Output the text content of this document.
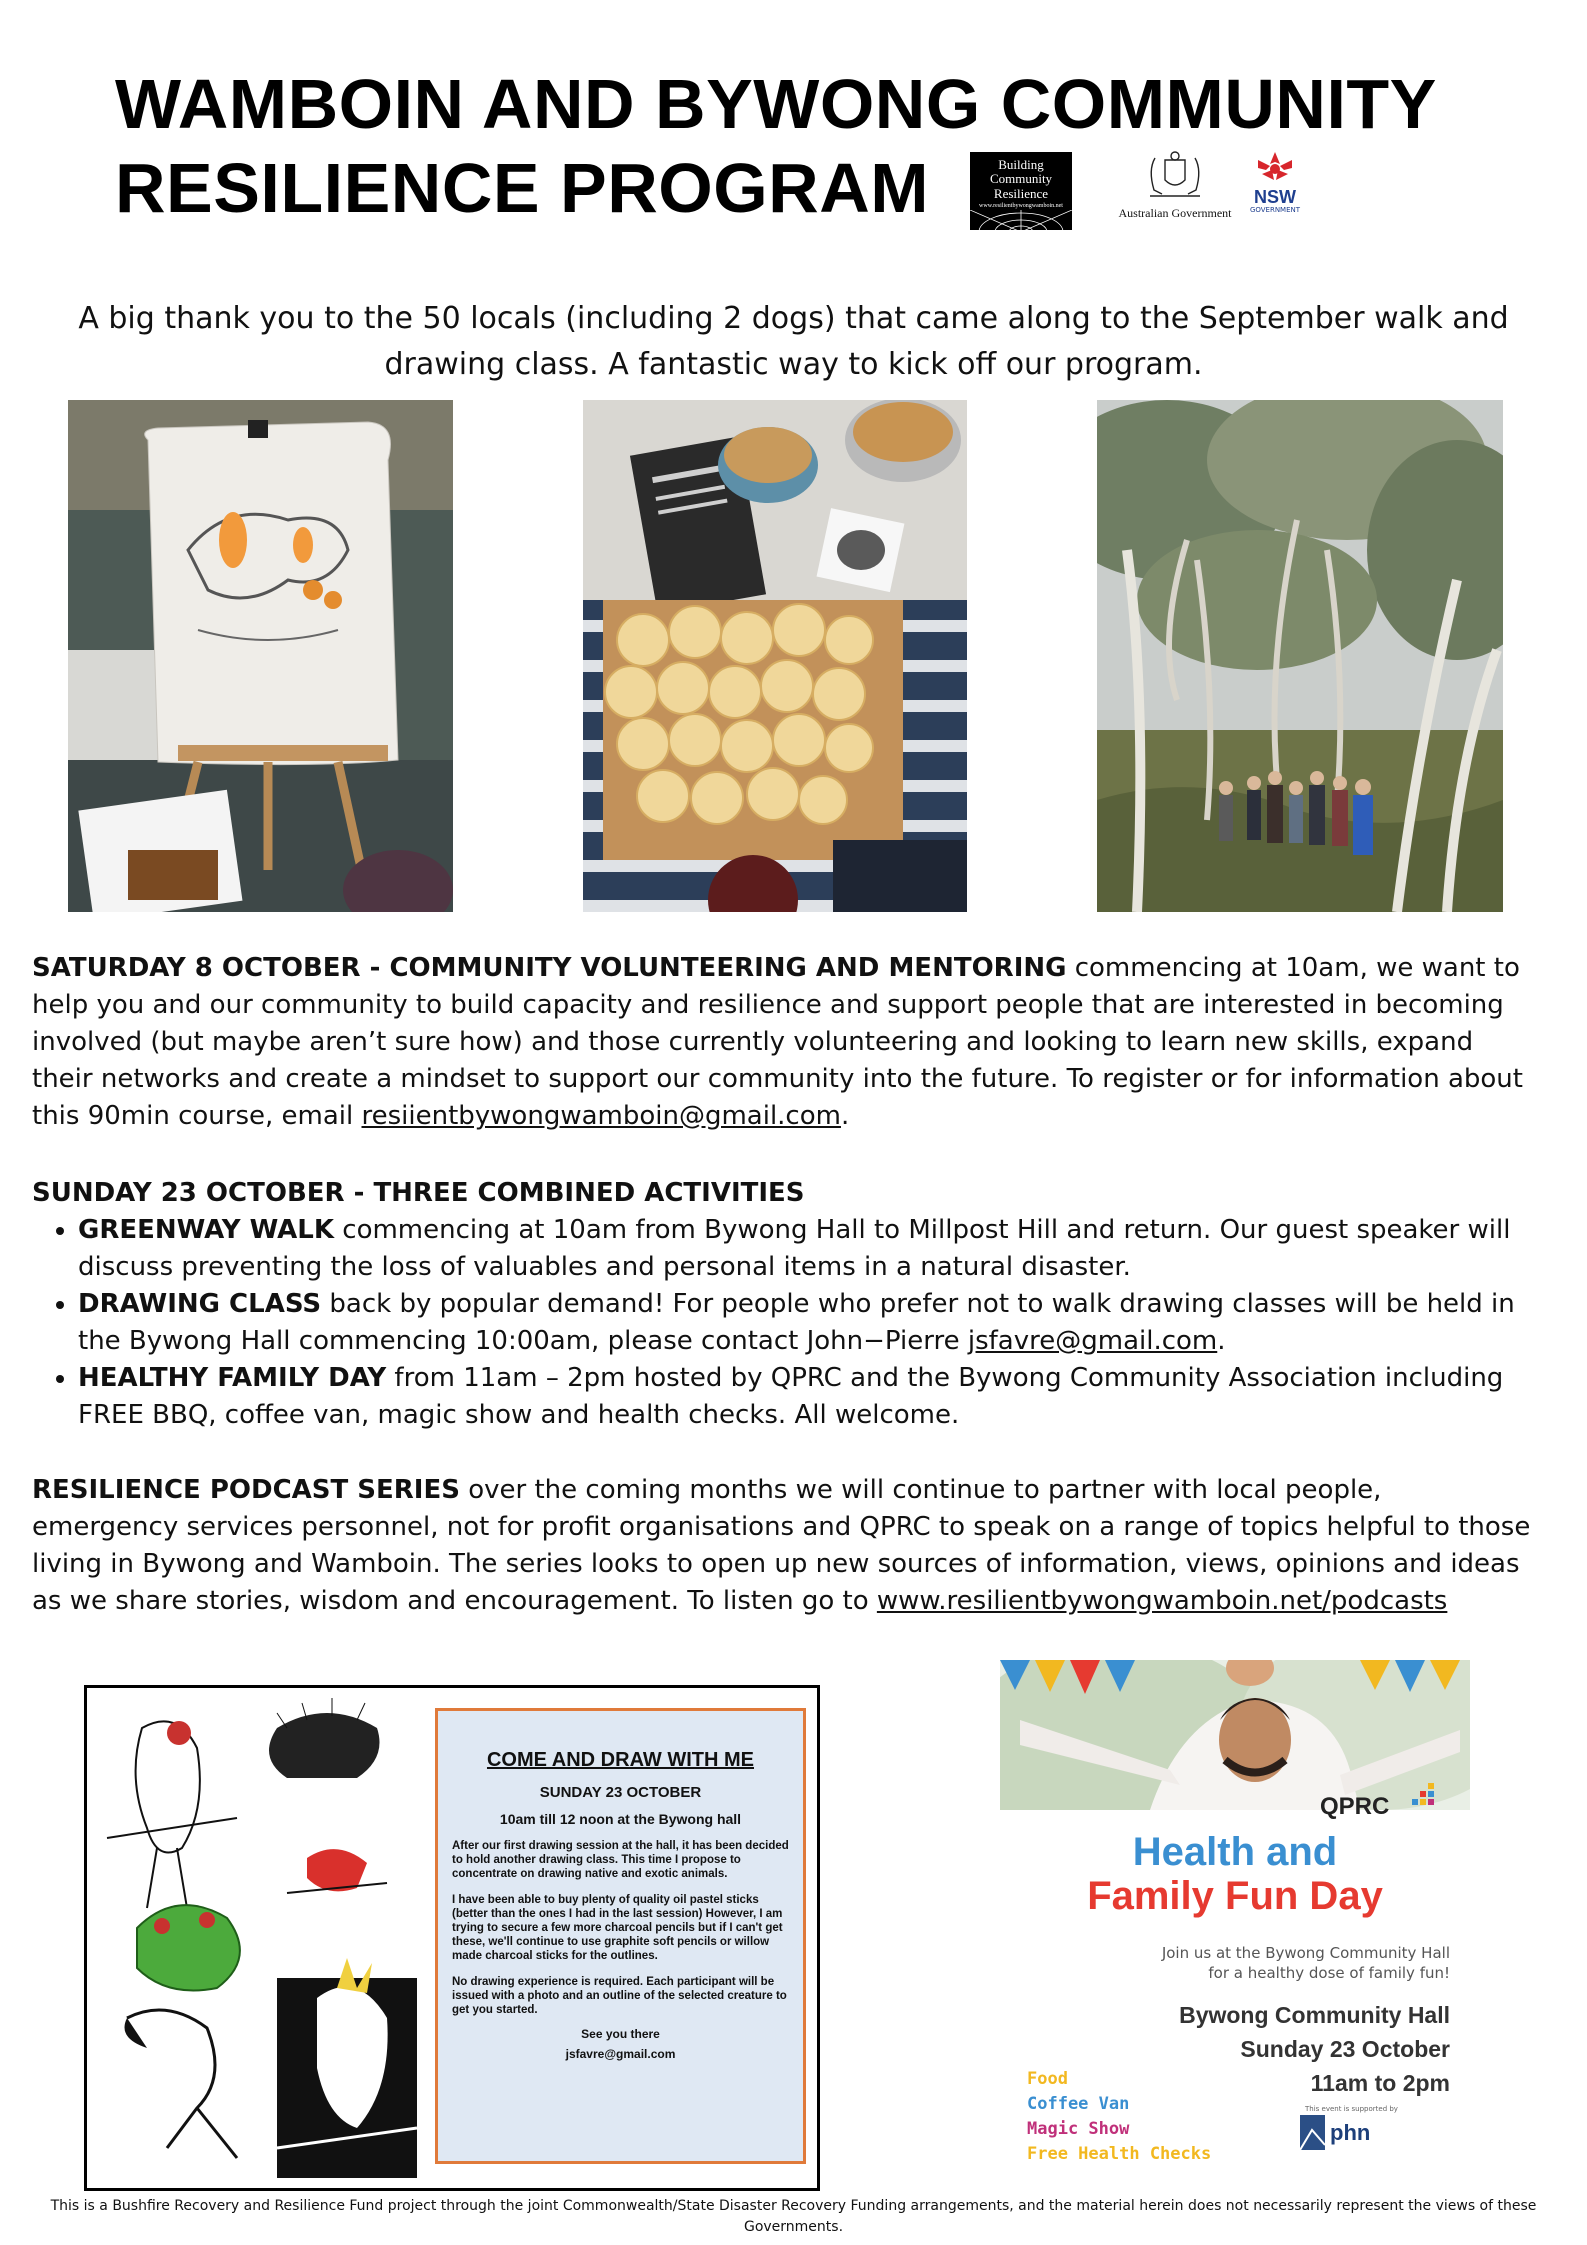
WAMBOIN AND BYWONG COMMUNITY
RESILIENCE PROGRAM	Building Community
Resilience
www.resilientbywongwamboin.net	Australian Government
NSW
GOVERNMENT
A big thank you to the 50 locals (including 2 dogs) that came along to the September walk and drawing class. A fantastic way to kick off our program.
SATURDAY 8 OCTOBER - COMMUNITY VOLUNTEERING AND MENTORING commencing at 10am, we want to help you and our community to build capacity and resilience and support people that are interested in becoming involved (but maybe aren’t sure how) and those currently volunteering and looking to learn new skills, expand their networks and create a mindset to support our community into the future. To register or for information about this 90min course, email resiientbywongwamboin@gmail.com.
SUNDAY 23 OCTOBER - THREE COMBINED ACTIVITIES
• GREENWAY WALK commencing at 10am from Bywong Hall to Millpost Hill and return. Our guest speaker will discuss preventing the loss of valuables and personal items in a natural disaster.
• DRAWING CLASS back by popular demand! For people who prefer not to walk drawing classes will be held in the Bywong Hall commencing 10:00am, please contact John−Pierre jsfavre@gmail.com.
• HEALTHY FAMILY DAY from 11am – 2pm hosted by QPRC and the Bywong Community Association including FREE BBQ, coffee van, magic show and health checks. All welcome.
RESILIENCE PODCAST SERIES over the coming months we will continue to partner with local people, emergency services personnel, not for profit organisations and QPRC to speak on a range of topics helpful to those living in Bywong and Wamboin. The series looks to open up new sources of information, views, opinions and ideas as we share stories, wisdom and encouragement. To listen go to www.resilientbywongwamboin.net/podcasts
COME AND DRAW WITH ME
SUNDAY 23 OCTOBER
10am till 12 noon at the Bywong hall
After our first drawing session at the hall, it has been decided to hold another drawing class. This time I propose to concentrate on drawing native and exotic animals.
I have been able to buy plenty of quality oil pastel sticks (better than the ones I had in the last session) However, I am trying to secure a few more charcoal pencils but if I can't get these, we'll continue to use graphite soft pencils or willow made charcoal sticks for the outlines.
No drawing experience is required. Each participant will be issued with a photo and an outline of the selected creature to get you started.
See you there
jsfavre@gmail.com
QPRC
Health and
Family Fun Day
Join us at the Bywong Community Hall
for a healthy dose of family fun!
Bywong Community Hall
Sunday 23 October
11am to 2pm
Food
Coffee Van
Magic Show
Free Health Checks
This event is supported by
phn
This is a Bushfire Recovery and Resilience Fund project through the joint Commonwealth/State Disaster Recovery Funding arrangements, and the material herein does not necessarily represent the views of these Governments.
